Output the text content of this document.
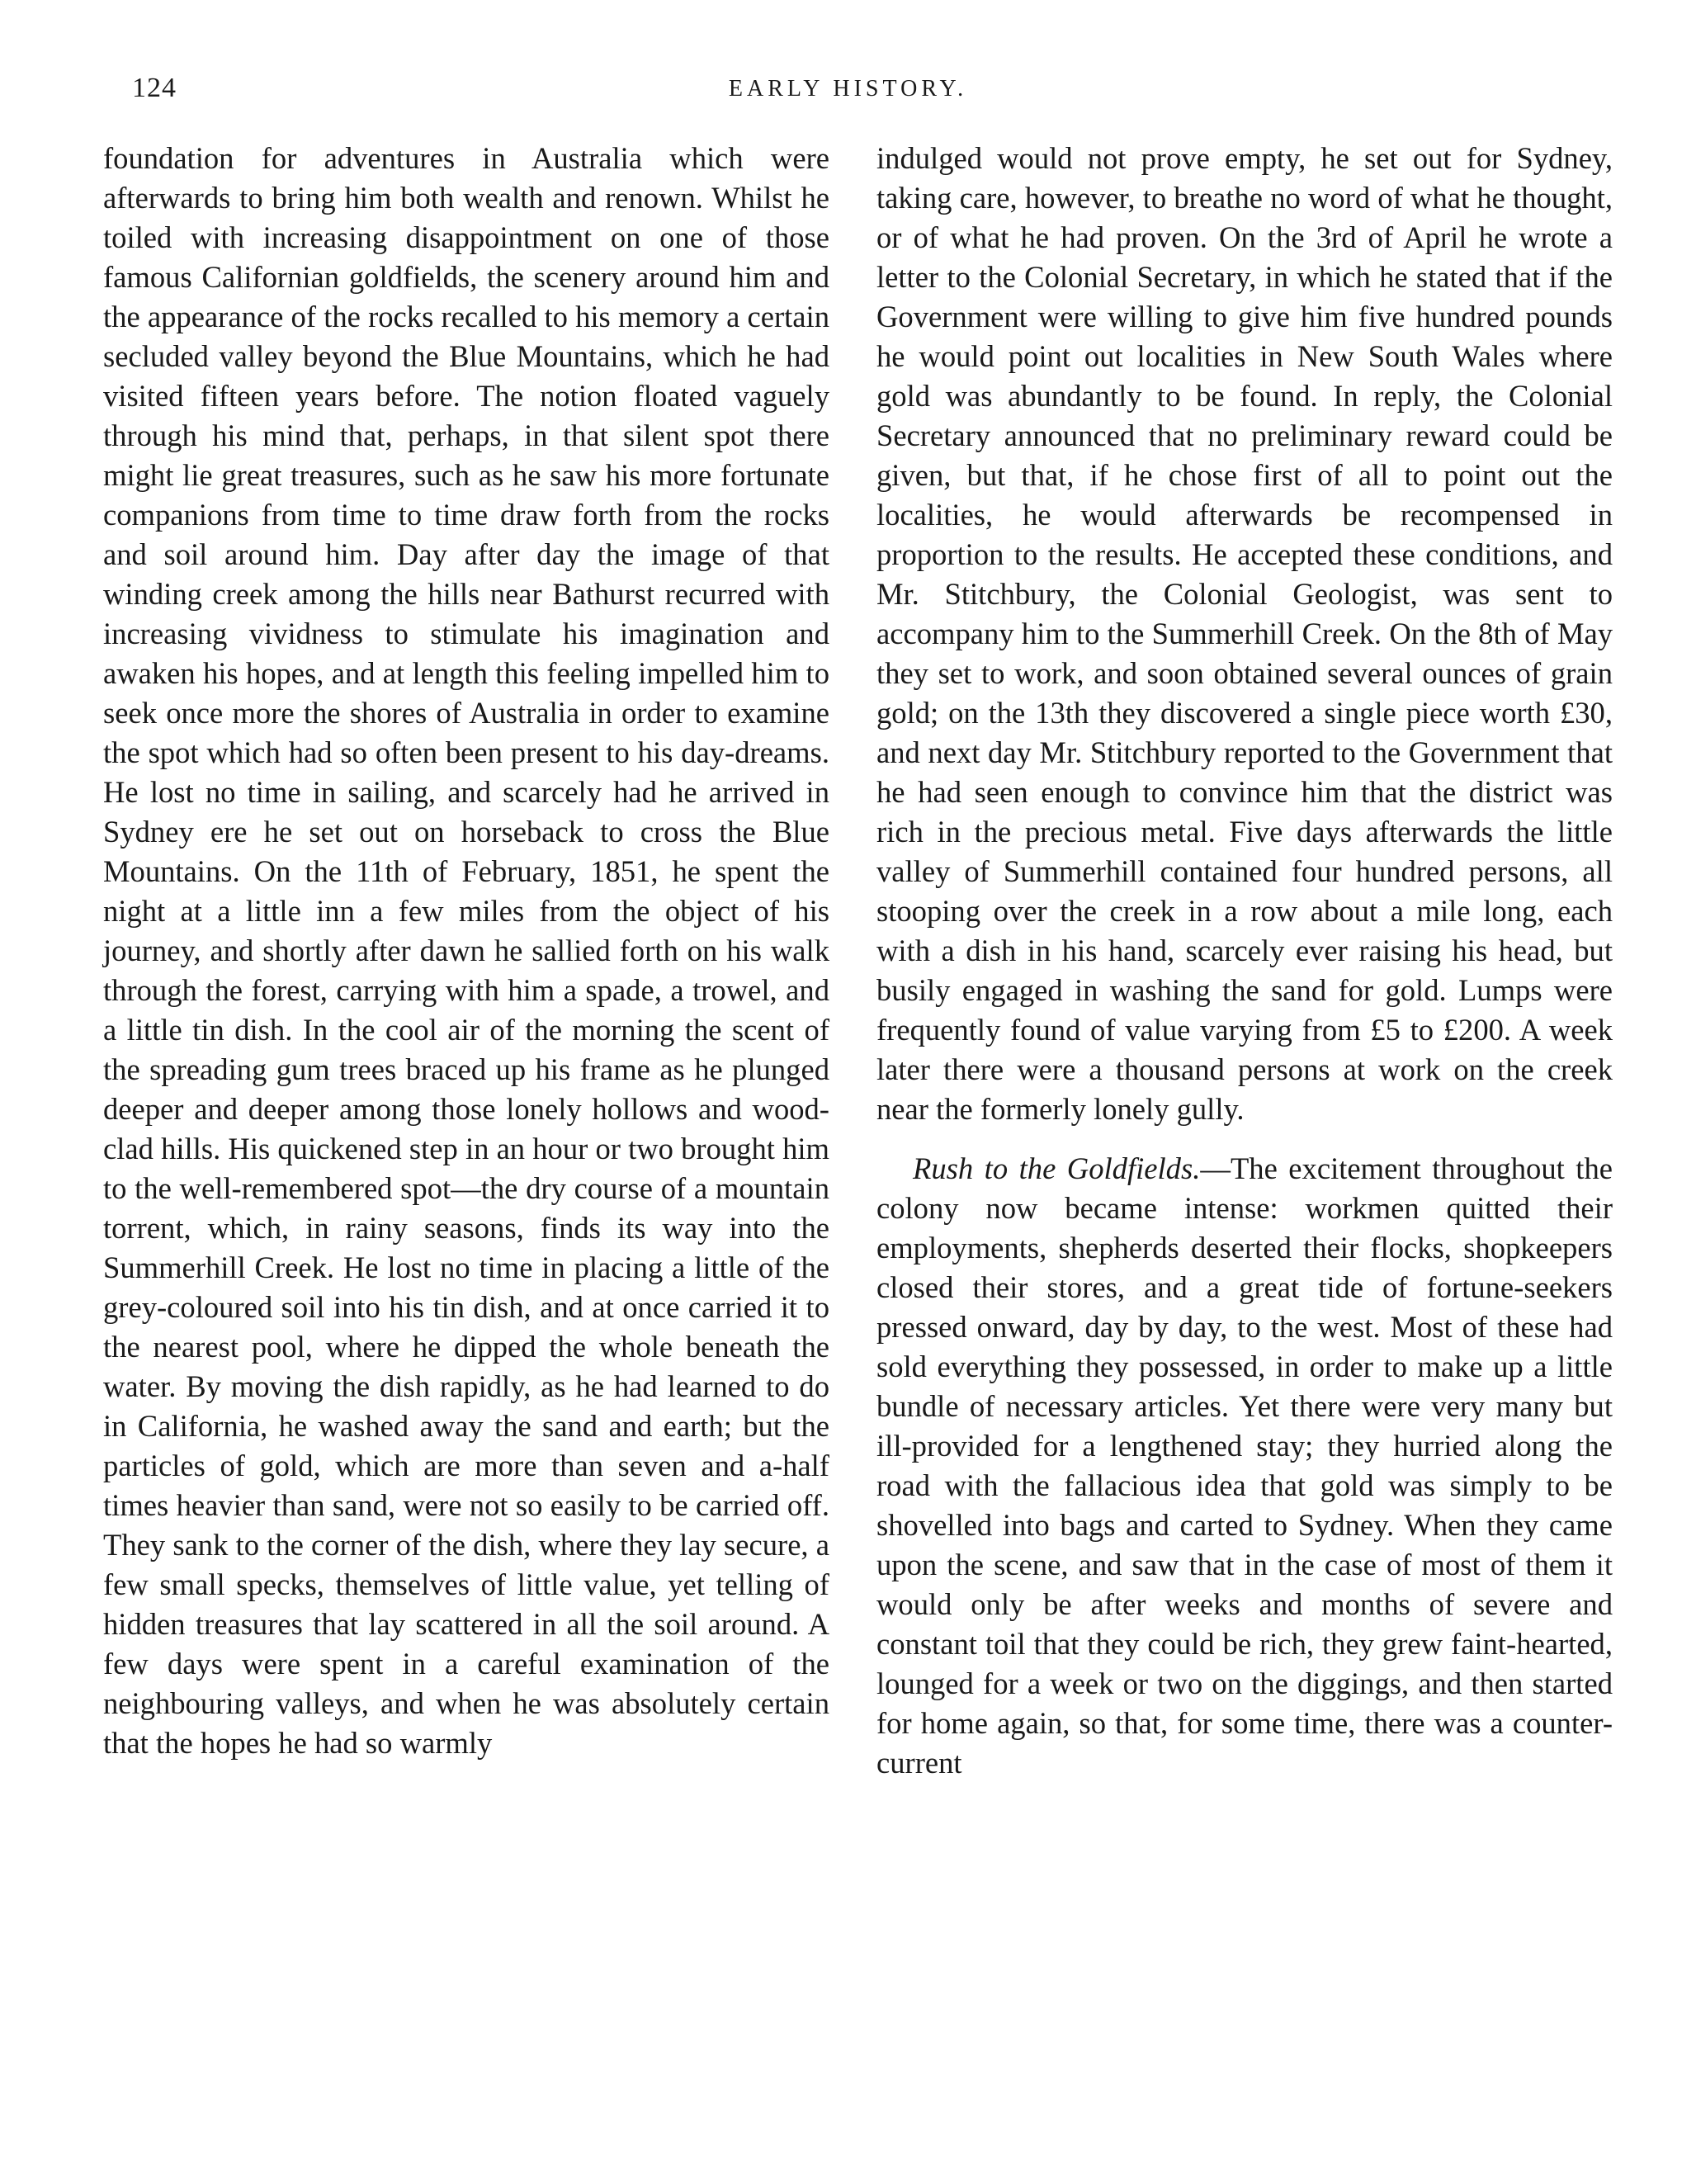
124	EARLY HISTORY.

foundation for adventures in Australia which were afterwards to bring him both wealth and renown. Whilst he toiled with increasing disappointment on one of those famous Californian goldfields, the scenery around him and the appearance of the rocks recalled to his memory a certain secluded valley beyond the Blue Mountains, which he had visited fifteen years before. The notion floated vaguely through his mind that, perhaps, in that silent spot there might lie great treasures, such as he saw his more fortunate companions from time to time draw forth from the rocks and soil around him. Day after day the image of that winding creek among the hills near Bathurst recurred with increasing vividness to stimulate his imagination and awaken his hopes, and at length this feeling impelled him to seek once more the shores of Australia in order to examine the spot which had so often been present to his day-dreams. He lost no time in sailing, and scarcely had he arrived in Sydney ere he set out on horseback to cross the Blue Mountains. On the 11th of February, 1851, he spent the night at a little inn a few miles from the object of his journey, and shortly after dawn he sallied forth on his walk through the forest, carrying with him a spade, a trowel, and a little tin dish. In the cool air of the morning the scent of the spreading gum trees braced up his frame as he plunged deeper and deeper among those lonely hollows and wood-clad hills. His quickened step in an hour or two brought him to the well-remembered spot—the dry course of a mountain torrent, which, in rainy seasons, finds its way into the Summerhill Creek. He lost no time in placing a little of the grey-coloured soil into his tin dish, and at once carried it to the nearest pool, where he dipped the whole beneath the water. By moving the dish rapidly, as he had learned to do in California, he washed away the sand and earth; but the particles of gold, which are more than seven and a-half times heavier than sand, were not so easily to be carried off. They sank to the corner of the dish, where they lay secure, a few small specks, themselves of little value, yet telling of hidden treasures that lay scattered in all the soil around. A few days were spent in a careful examination of the neighbouring valleys, and when he was absolutely certain that the hopes he had so warmly

indulged would not prove empty, he set out for Sydney, taking care, however, to breathe no word of what he thought, or of what he had proven. On the 3rd of April he wrote a letter to the Colonial Secretary, in which he stated that if the Government were willing to give him five hundred pounds he would point out localities in New South Wales where gold was abundantly to be found. In reply, the Colonial Secretary announced that no preliminary reward could be given, but that, if he chose first of all to point out the localities, he would afterwards be recompensed in proportion to the results. He accepted these conditions, and Mr. Stitchbury, the Colonial Geologist, was sent to accompany him to the Summerhill Creek. On the 8th of May they set to work, and soon obtained several ounces of grain gold; on the 13th they discovered a single piece worth £30, and next day Mr. Stitchbury reported to the Government that he had seen enough to convince him that the district was rich in the precious metal. Five days afterwards the little valley of Summerhill contained four hundred persons, all stooping over the creek in a row about a mile long, each with a dish in his hand, scarcely ever raising his head, but busily engaged in washing the sand for gold. Lumps were frequently found of value varying from £5 to £200. A week later there were a thousand persons at work on the creek near the formerly lonely gully.

Rush to the Goldfields.—The excitement throughout the colony now became intense: workmen quitted their employments, shepherds deserted their flocks, shopkeepers closed their stores, and a great tide of fortune-seekers pressed onward, day by day, to the west. Most of these had sold everything they possessed, in order to make up a little bundle of necessary articles. Yet there were very many but ill-provided for a lengthened stay; they hurried along the road with the fallacious idea that gold was simply to be shovelled into bags and carted to Sydney. When they came upon the scene, and saw that in the case of most of them it would only be after weeks and months of severe and constant toil that they could be rich, they grew faint-hearted, lounged for a week or two on the diggings, and then started for home again, so that, for some time, there was a counter-current
